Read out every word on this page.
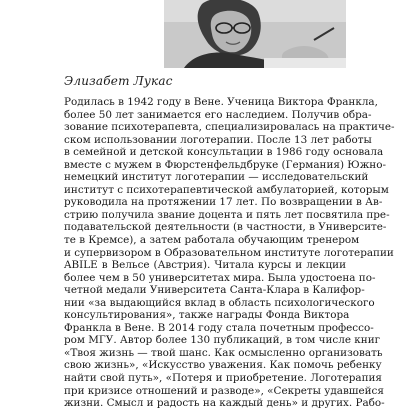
Элизабет Лукас
Родилась в 1942 году в Вене. Ученица Виктора Франкла,
более 50 лет занимается его наследием. Получив обра-
зование психотерапевта, специализировалась на практиче-
ском использовании логотерапии. После 13 лет работы
в семейной и детской консультации в 1986 году основала
вместе с мужем в Фюрстенфельдбруке (Германия) Южно-
немецкий институт логотерапии — исследовательский
институт с психотерапевтической амбулаторией, которым
руководила на протяжении 17 лет. По возвращении в Ав-
стрию получила звание доцента и пять лет посвятила пре-
подавательской деятельности (в частности, в Университе-
те в Кремсе), а затем работала обучающим тренером
и супервизором в Образовательном институте логотерапии
ABILE в Вельсе (Австрия). Читала курсы и лекции
более чем в 50 университетах мира. Была удостоена по-
четной медали Университета Санта-Клара в Калифор-
нии «за выдающийся вклад в область психологического
консультирования», также награды Фонда Виктора
Франкла в Вене. В 2014 году стала почетным профессо-
ром МГУ. Автор более 130 публикаций, в том числе книг
«Твоя жизнь — твой шанс. Как осмысленно организовать
свою жизнь», «Искусство уважения. Как помочь ребенку
найти свой путь», «Потеря и приобретение. Логотерапия
при кризисе отношений и разводе», «Секреты удавшейся
жизни. Смысл и радость на каждый день» и других. Рабо-
